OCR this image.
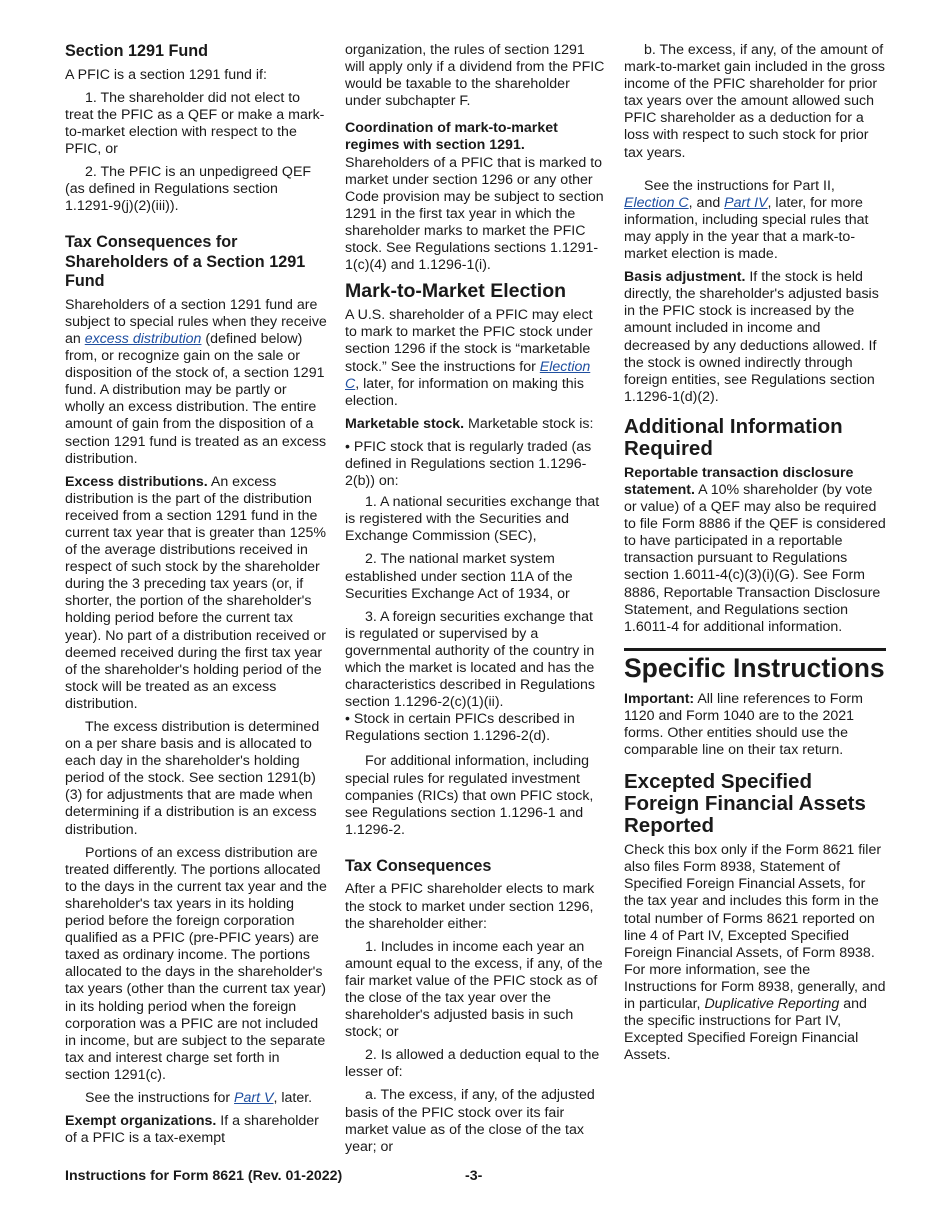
Section 1291 Fund

A PFIC is a section 1291 fund if:

1. The shareholder did not elect to treat the PFIC as a QEF or make a mark-to-market election with respect to the PFIC, or

2. The PFIC is an unpedigreed QEF (as defined in Regulations section 1.1291-9(j)(2)(iii)).

Tax Consequences for Shareholders of a Section 1291 Fund

Shareholders of a section 1291 fund are subject to special rules when they receive an excess distribution (defined below) from, or recognize gain on the sale or disposition of the stock of, a section 1291 fund. A distribution may be partly or wholly an excess distribution. The entire amount of gain from the disposition of a section 1291 fund is treated as an excess distribution.

Excess distributions. An excess distribution is the part of the distribution received from a section 1291 fund in the current tax year that is greater than 125% of the average distributions received in respect of such stock by the shareholder during the 3 preceding tax years (or, if shorter, the portion of the shareholder's holding period before the current tax year). No part of a distribution received or deemed received during the first tax year of the shareholder's holding period of the stock will be treated as an excess distribution.

The excess distribution is determined on a per share basis and is allocated to each day in the shareholder's holding period of the stock. See section 1291(b)(3) for adjustments that are made when determining if a distribution is an excess distribution.

Portions of an excess distribution are treated differently. The portions allocated to the days in the current tax year and the shareholder's tax years in its holding period before the foreign corporation qualified as a PFIC (pre-PFIC years) are taxed as ordinary income. The portions allocated to the days in the shareholder's tax years (other than the current tax year) in its holding period when the foreign corporation was a PFIC are not included in income, but are subject to the separate tax and interest charge set forth in section 1291(c).

See the instructions for Part V, later.

Exempt organizations. If a shareholder of a PFIC is a tax-exempt

organization, the rules of section 1291 will apply only if a dividend from the PFIC would be taxable to the shareholder under subchapter F.

Coordination of mark-to-market regimes with section 1291. Shareholders of a PFIC that is marked to market under section 1296 or any other Code provision may be subject to section 1291 in the first tax year in which the shareholder marks to market the PFIC stock. See Regulations sections 1.1291-1(c)(4) and 1.1296-1(i).

Mark-to-Market Election

A U.S. shareholder of a PFIC may elect to mark to market the PFIC stock under section 1296 if the stock is “marketable stock.” See the instructions for Election C, later, for information on making this election.

Marketable stock. Marketable stock is:

• PFIC stock that is regularly traded (as defined in Regulations section 1.1296-2(b)) on:

1. A national securities exchange that is registered with the Securities and Exchange Commission (SEC),

2. The national market system established under section 11A of the Securities Exchange Act of 1934, or

3. A foreign securities exchange that is regulated or supervised by a governmental authority of the country in which the market is located and has the characteristics described in Regulations section 1.1296-2(c)(1)(ii).

• Stock in certain PFICs described in Regulations section 1.1296-2(d).

For additional information, including special rules for regulated investment companies (RICs) that own PFIC stock, see Regulations section 1.1296-1 and 1.1296-2.

Tax Consequences

After a PFIC shareholder elects to mark the stock to market under section 1296, the shareholder either:

1. Includes in income each year an amount equal to the excess, if any, of the fair market value of the PFIC stock as of the close of the tax year over the shareholder's adjusted basis in such stock; or

2. Is allowed a deduction equal to the lesser of:

a. The excess, if any, of the adjusted basis of the PFIC stock over its fair market value as of the close of the tax year; or

b. The excess, if any, of the amount of mark-to-market gain included in the gross income of the PFIC shareholder for prior tax years over the amount allowed such PFIC shareholder as a deduction for a loss with respect to such stock for prior tax years.

See the instructions for Part II, Election C, and Part IV, later, for more information, including special rules that may apply in the year that a mark-to-market election is made.

Basis adjustment. If the stock is held directly, the shareholder's adjusted basis in the PFIC stock is increased by the amount included in income and decreased by any deductions allowed. If the stock is owned indirectly through foreign entities, see Regulations section 1.1296-1(d)(2).

Additional Information Required

Reportable transaction disclosure statement. A 10% shareholder (by vote or value) of a QEF may also be required to file Form 8886 if the QEF is considered to have participated in a reportable transaction pursuant to Regulations section 1.6011-4(c)(3)(i)(G). See Form 8886, Reportable Transaction Disclosure Statement, and Regulations section 1.6011-4 for additional information.

Specific Instructions

Important: All line references to Form 1120 and Form 1040 are to the 2021 forms. Other entities should use the comparable line on their tax return.

Excepted Specified Foreign Financial Assets Reported

Check this box only if the Form 8621 filer also files Form 8938, Statement of Specified Foreign Financial Assets, for the tax year and includes this form in the total number of Forms 8621 reported on line 4 of Part IV, Excepted Specified Foreign Financial Assets, of Form 8938. For more information, see the Instructions for Form 8938, generally, and in particular, Duplicative Reporting and the specific instructions for Part IV, Excepted Specified Foreign Financial Assets.

Instructions for Form 8621 (Rev. 01-2022)	-3-
